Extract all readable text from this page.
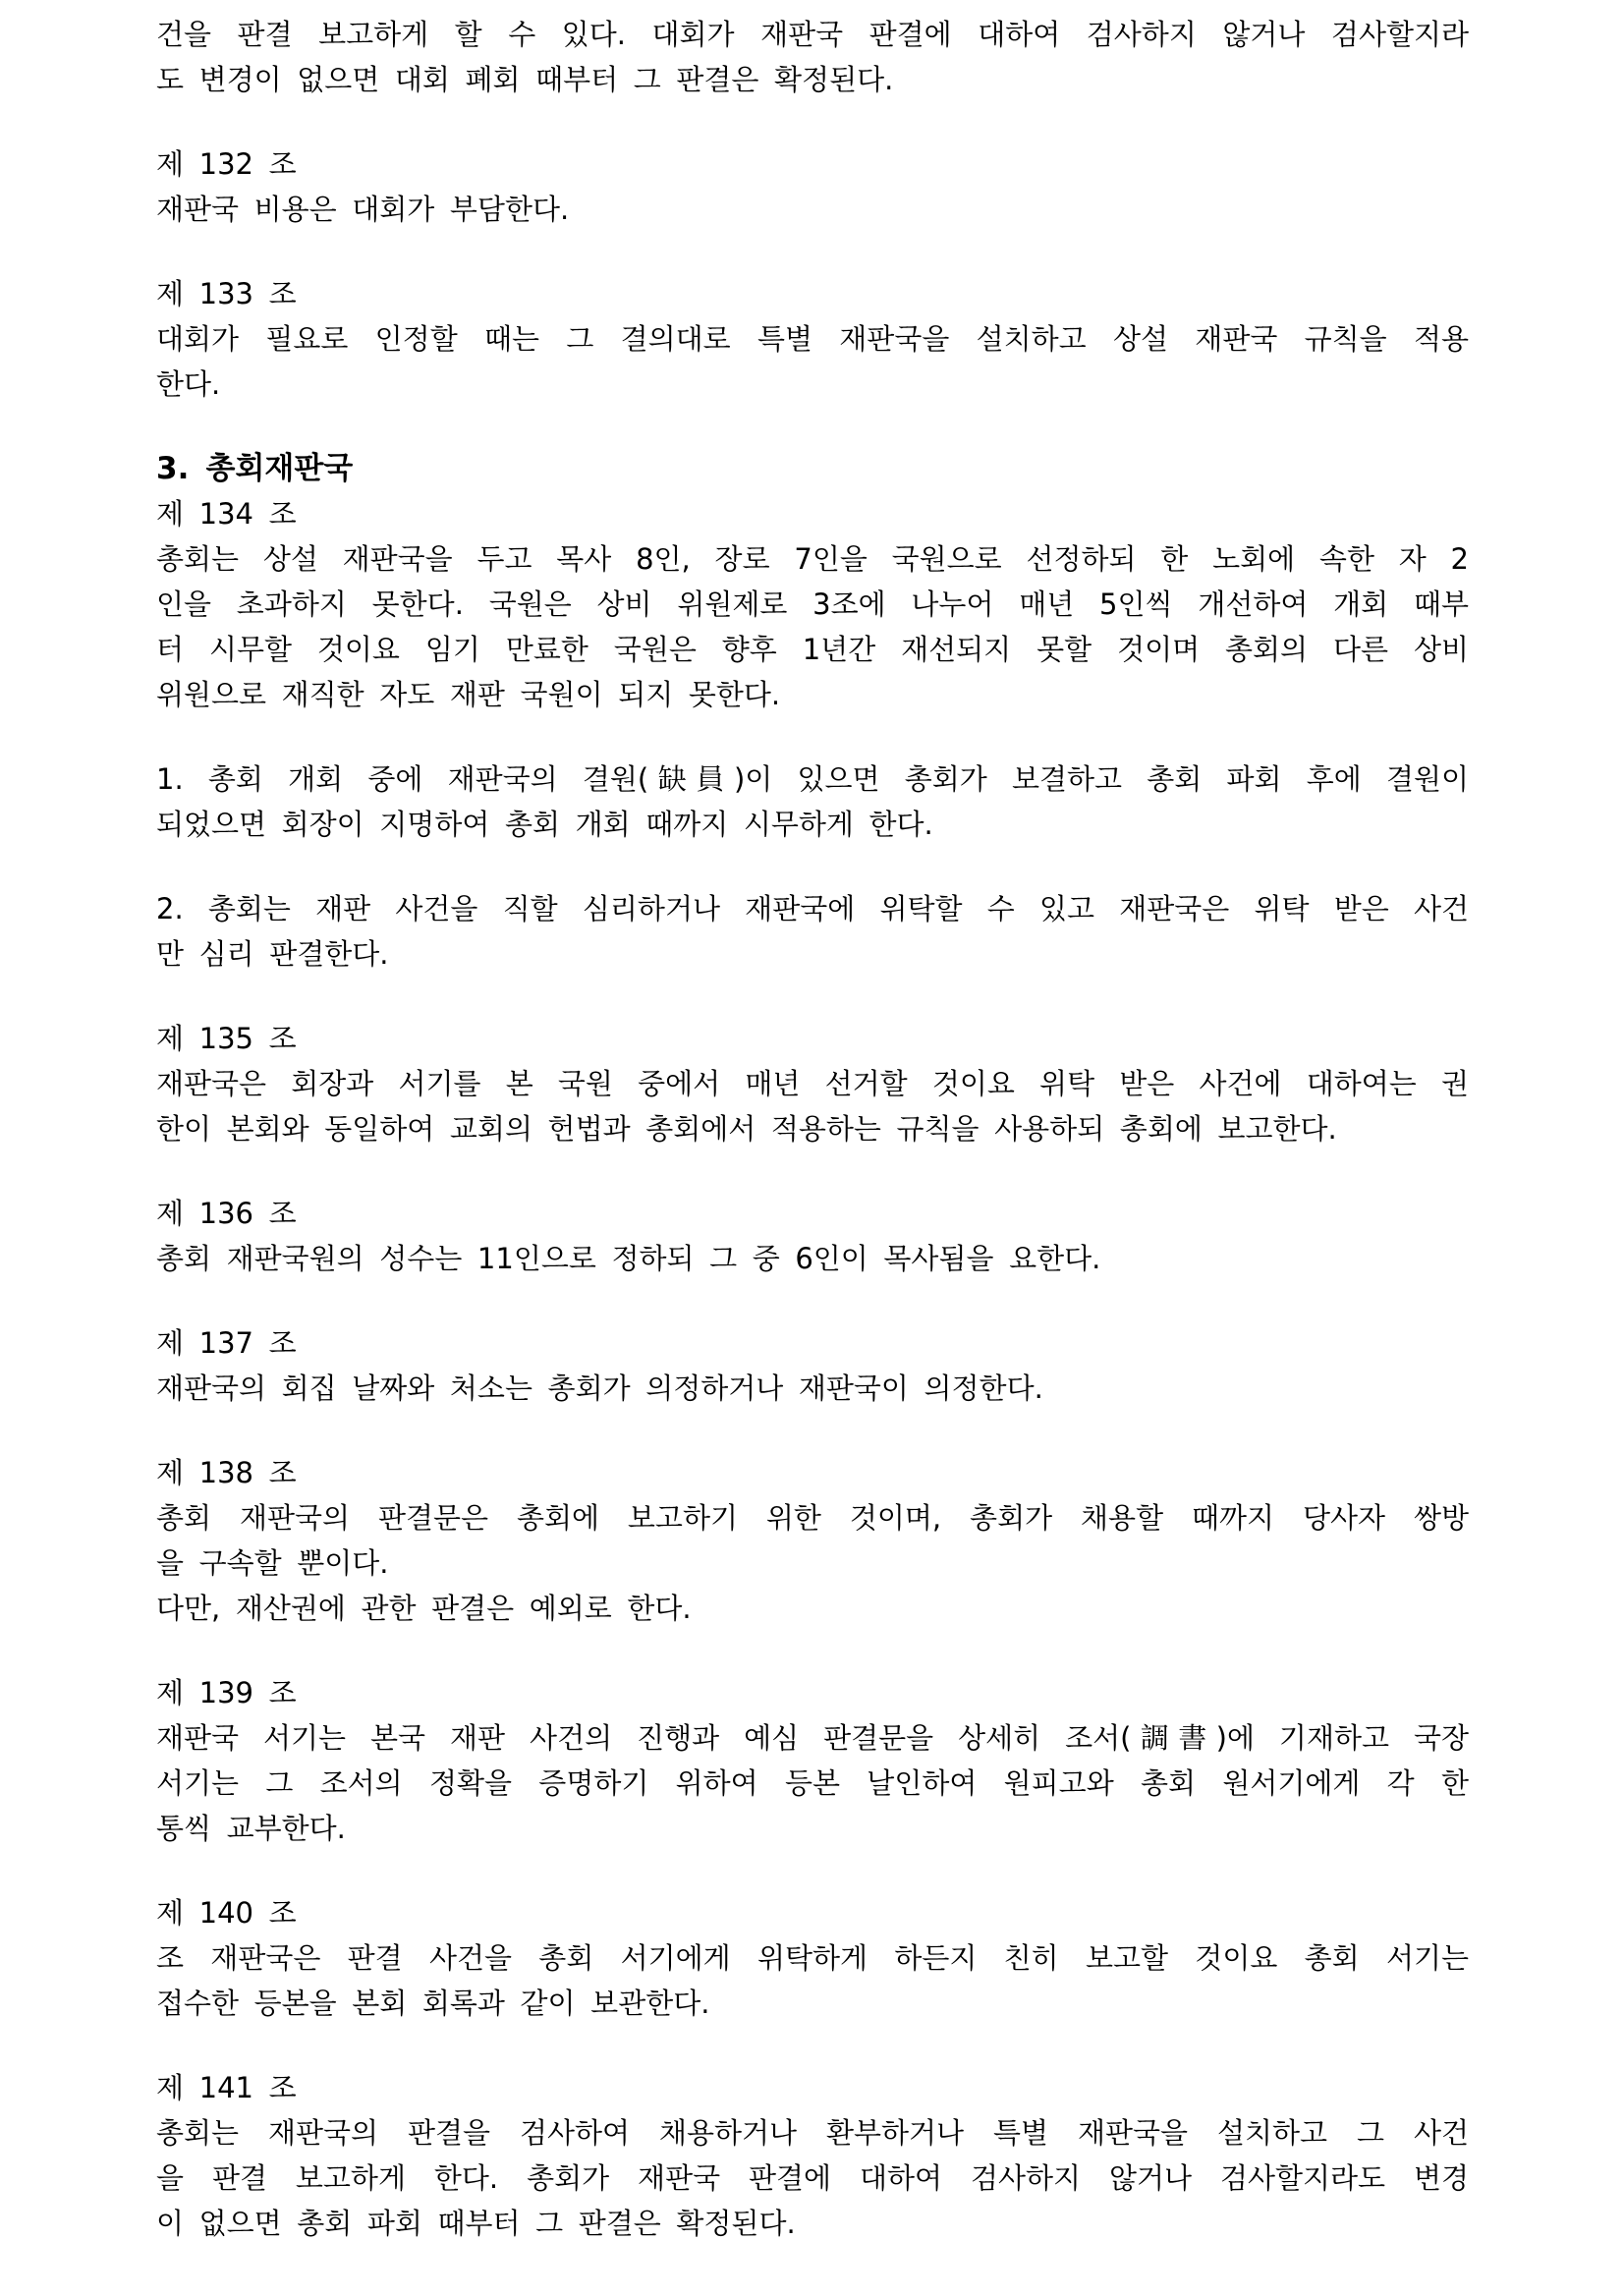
건을 판결 보고하게 할 수 있다. 대회가 재판국 판결에 대하여 검사하지 않거나 검사할지라
도 변경이 없으면 대회 폐회 때부터 그 판결은 확정된다.
제 132 조
재판국 비용은 대회가 부담한다.
제 133 조
대회가 필요로 인정할 때는 그 결의대로 특별 재판국을 설치하고 상설 재판국 규칙을 적용
한다.
3. 총회재판국
제 134 조
총회는 상설 재판국을 두고 목사 8인, 장로 7인을 국원으로 선정하되 한 노회에 속한 자 2
인을 초과하지 못한다. 국원은 상비 위원제로 3조에 나누어 매년 5인씩 개선하여 개회 때부
터 시무할 것이요 임기 만료한 국원은 향후 1년간 재선되지 못할 것이며 총회의 다른 상비
위원으로 재직한 자도 재판 국원이 되지 못한다.
1. 총회 개회 중에 재판국의 결원(缺員)이 있으면 총회가 보결하고 총회 파회 후에 결원이
되었으면 회장이 지명하여 총회 개회 때까지 시무하게 한다.
2. 총회는 재판 사건을 직할 심리하거나 재판국에 위탁할 수 있고 재판국은 위탁 받은 사건
만 심리 판결한다.
제 135 조
재판국은 회장과 서기를 본 국원 중에서 매년 선거할 것이요 위탁 받은 사건에 대하여는 권
한이 본회와 동일하여 교회의 헌법과 총회에서 적용하는 규칙을 사용하되 총회에 보고한다.
제 136 조
총회 재판국원의 성수는 11인으로 정하되 그 중 6인이 목사됨을 요한다.
제 137 조
재판국의 회집 날짜와 처소는 총회가 의정하거나 재판국이 의정한다.
제 138 조
총회 재판국의 판결문은 총회에 보고하기 위한 것이며, 총회가 채용할 때까지 당사자 쌍방
을 구속할 뿐이다.
다만, 재산권에 관한 판결은 예외로 한다.
제 139 조
재판국 서기는 본국 재판 사건의 진행과 예심 판결문을 상세히 조서(調書)에 기재하고 국장
서기는 그 조서의 정확을 증명하기 위하여 등본 날인하여 원피고와 총회 원서기에게 각 한
통씩 교부한다.
제 140 조
조 재판국은 판결 사건을 총회 서기에게 위탁하게 하든지 친히 보고할 것이요 총회 서기는
접수한 등본을 본회 회록과 같이 보관한다.
제 141 조
총회는 재판국의 판결을 검사하여 채용하거나 환부하거나 특별 재판국을 설치하고 그 사건
을 판결 보고하게 한다. 총회가 재판국 판결에 대하여 검사하지 않거나 검사할지라도 변경
이 없으면 총회 파회 때부터 그 판결은 확정된다.
